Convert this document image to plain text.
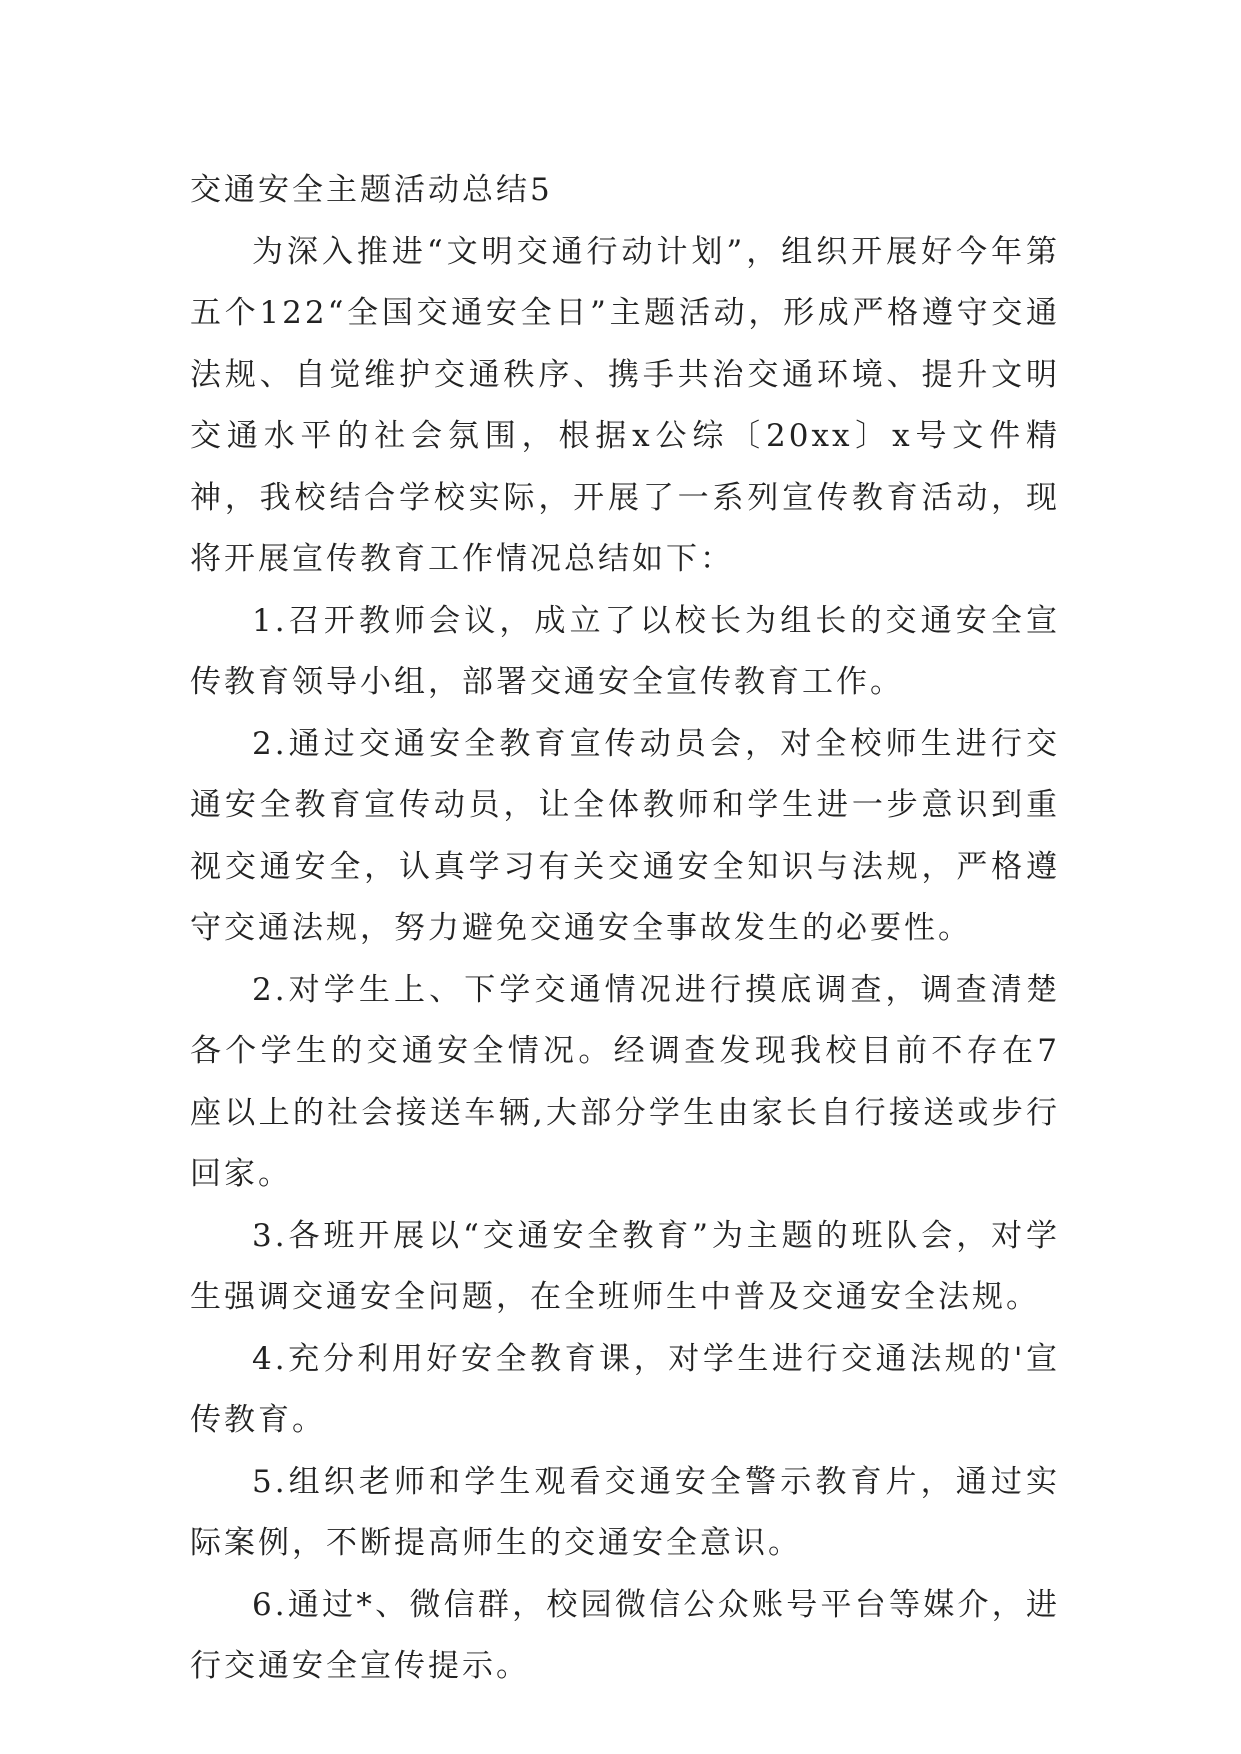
交通安全主题活动总结5

为深入推进“文明交通行动计划”，组织开展好今年第五个122“全国交通安全日”主题活动，形成严格遵守交通法规、自觉维护交通秩序、携手共治交通环境、提升文明交通水平的社会氛围，根据x公综〔20xx〕x号文件精神，我校结合学校实际，开展了一系列宣传教育活动，现将开展宣传教育工作情况总结如下：

1.召开教师会议，成立了以校长为组长的交通安全宣传教育领导小组，部署交通安全宣传教育工作。

2.通过交通安全教育宣传动员会，对全校师生进行交通安全教育宣传动员，让全体教师和学生进一步意识到重视交通安全，认真学习有关交通安全知识与法规，严格遵守交通法规，努力避免交通安全事故发生的必要性。

2.对学生上、下学交通情况进行摸底调查，调查清楚各个学生的交通安全情况。经调查发现我校目前不存在7座以上的社会接送车辆,大部分学生由家长自行接送或步行回家。

3.各班开展以“交通安全教育”为主题的班队会，对学生强调交通安全问题，在全班师生中普及交通安全法规。

4.充分利用好安全教育课，对学生进行交通法规的'宣传教育。

5.组织老师和学生观看交通安全警示教育片，通过实际案例，不断提高师生的交通安全意识。

6.通过*、微信群，校园微信公众账号平台等媒介，进行交通安全宣传提示。
